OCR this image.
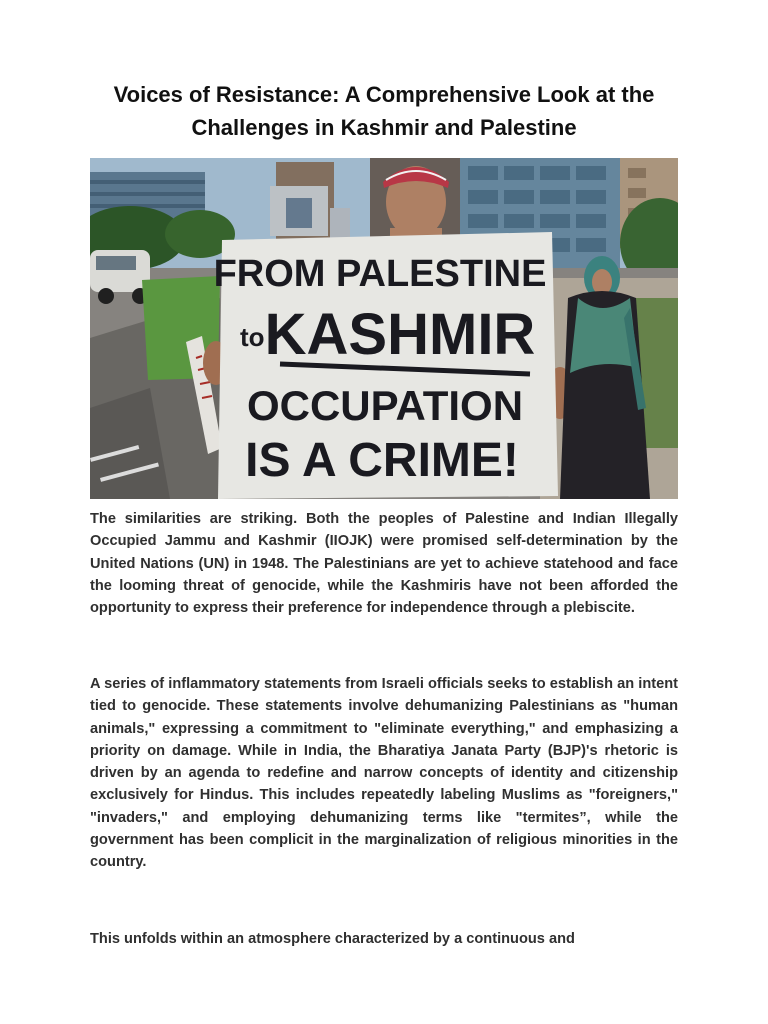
Voices of Resistance: A Comprehensive Look at the Challenges in Kashmir and Palestine
FROM PALESTINE
to KASHMIR
OCCUPATION
IS A CRIME!

The similarities are striking. Both the peoples of Palestine and Indian Illegally Occupied Jammu and Kashmir (IIOJK) were promised self-determination by the United Nations (UN) in 1948. The Palestinians are yet to achieve statehood and face the looming threat of genocide, while the Kashmiris have not been afforded the opportunity to express their preference for independence through a plebiscite.

A series of inflammatory statements from Israeli officials seeks to establish an intent tied to genocide. These statements involve dehumanizing Palestinians as "human animals," expressing a commitment to "eliminate everything," and emphasizing a priority on damage. While in India, the Bharatiya Janata Party (BJP)'s rhetoric is driven by an agenda to redefine and narrow concepts of identity and citizenship exclusively for Hindus. This includes repeatedly labeling Muslims as "foreigners," "invaders," and employing dehumanizing terms like "termites”, while the government has been complicit in the marginalization of religious minorities in the country.

This unfolds within an atmosphere characterized by a continuous and
